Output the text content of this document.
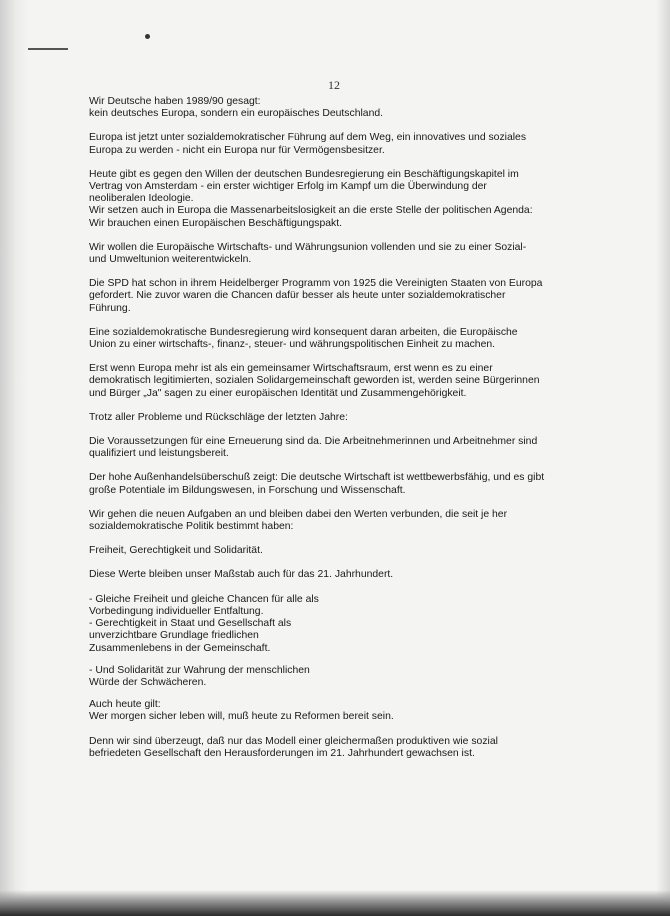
12

Wir Deutsche haben 1989/90 gesagt:
kein deutsches Europa, sondern ein europäisches Deutschland.

Europa ist jetzt unter sozialdemokratischer Führung auf dem Weg, ein innovatives und soziales
Europa zu werden - nicht ein Europa nur für Vermögensbesitzer.

Heute gibt es gegen den Willen der deutschen Bundesregierung ein Beschäftigungskapitel im
Vertrag von Amsterdam - ein erster wichtiger Erfolg im Kampf um die Überwindung der
neoliberalen Ideologie.
Wir setzen auch in Europa die Massenarbeitslosigkeit an die erste Stelle der politischen Agenda:
Wir brauchen einen Europäischen Beschäftigungspakt.

Wir wollen die Europäische Wirtschafts- und Währungsunion vollenden und sie zu einer Sozial-
und Umweltunion weiterentwickeln.

Die SPD hat schon in ihrem Heidelberger Programm von 1925 die Vereinigten Staaten von Europa
gefordert. Nie zuvor waren die Chancen dafür besser als heute unter sozialdemokratischer
Führung.

Eine sozialdemokratische Bundesregierung wird konsequent daran arbeiten, die Europäische
Union zu einer wirtschafts-, finanz-, steuer- und währungspolitischen Einheit zu machen.

Erst wenn Europa mehr ist als ein gemeinsamer Wirtschaftsraum, erst wenn es zu einer
demokratisch legitimierten, sozialen Solidargemeinschaft geworden ist, werden seine Bürgerinnen
und Bürger „Ja" sagen zu einer europäischen Identität und Zusammengehörigkeit.

Trotz aller Probleme und Rückschläge der letzten Jahre:

Die Voraussetzungen für eine Erneuerung sind da. Die Arbeitnehmerinnen und Arbeitnehmer sind
qualifiziert und leistungsbereit.

Der hohe Außenhandelsüberschuß zeigt: Die deutsche Wirtschaft ist wettbewerbsfähig, und es gibt
große Potentiale im Bildungswesen, in Forschung und Wissenschaft.

Wir gehen die neuen Aufgaben an und bleiben dabei den Werten verbunden, die seit je her
sozialdemokratische Politik bestimmt haben:

Freiheit, Gerechtigkeit und Solidarität.

Diese Werte bleiben unser Maßstab auch für das 21. Jahrhundert.

- Gleiche Freiheit und gleiche Chancen für alle als
Vorbedingung individueller Entfaltung.
- Gerechtigkeit in Staat und Gesellschaft als
unverzichtbare Grundlage friedlichen
Zusammenlebens in der Gemeinschaft.
- Und Solidarität zur Wahrung der menschlichen
Würde der Schwächeren.

Auch heute gilt:
Wer morgen sicher leben will, muß heute zu Reformen bereit sein.

Denn wir sind überzeugt, daß nur das Modell einer gleichermaßen produktiven wie sozial
befriedeten Gesellschaft den Herausforderungen im 21. Jahrhundert gewachsen ist.
